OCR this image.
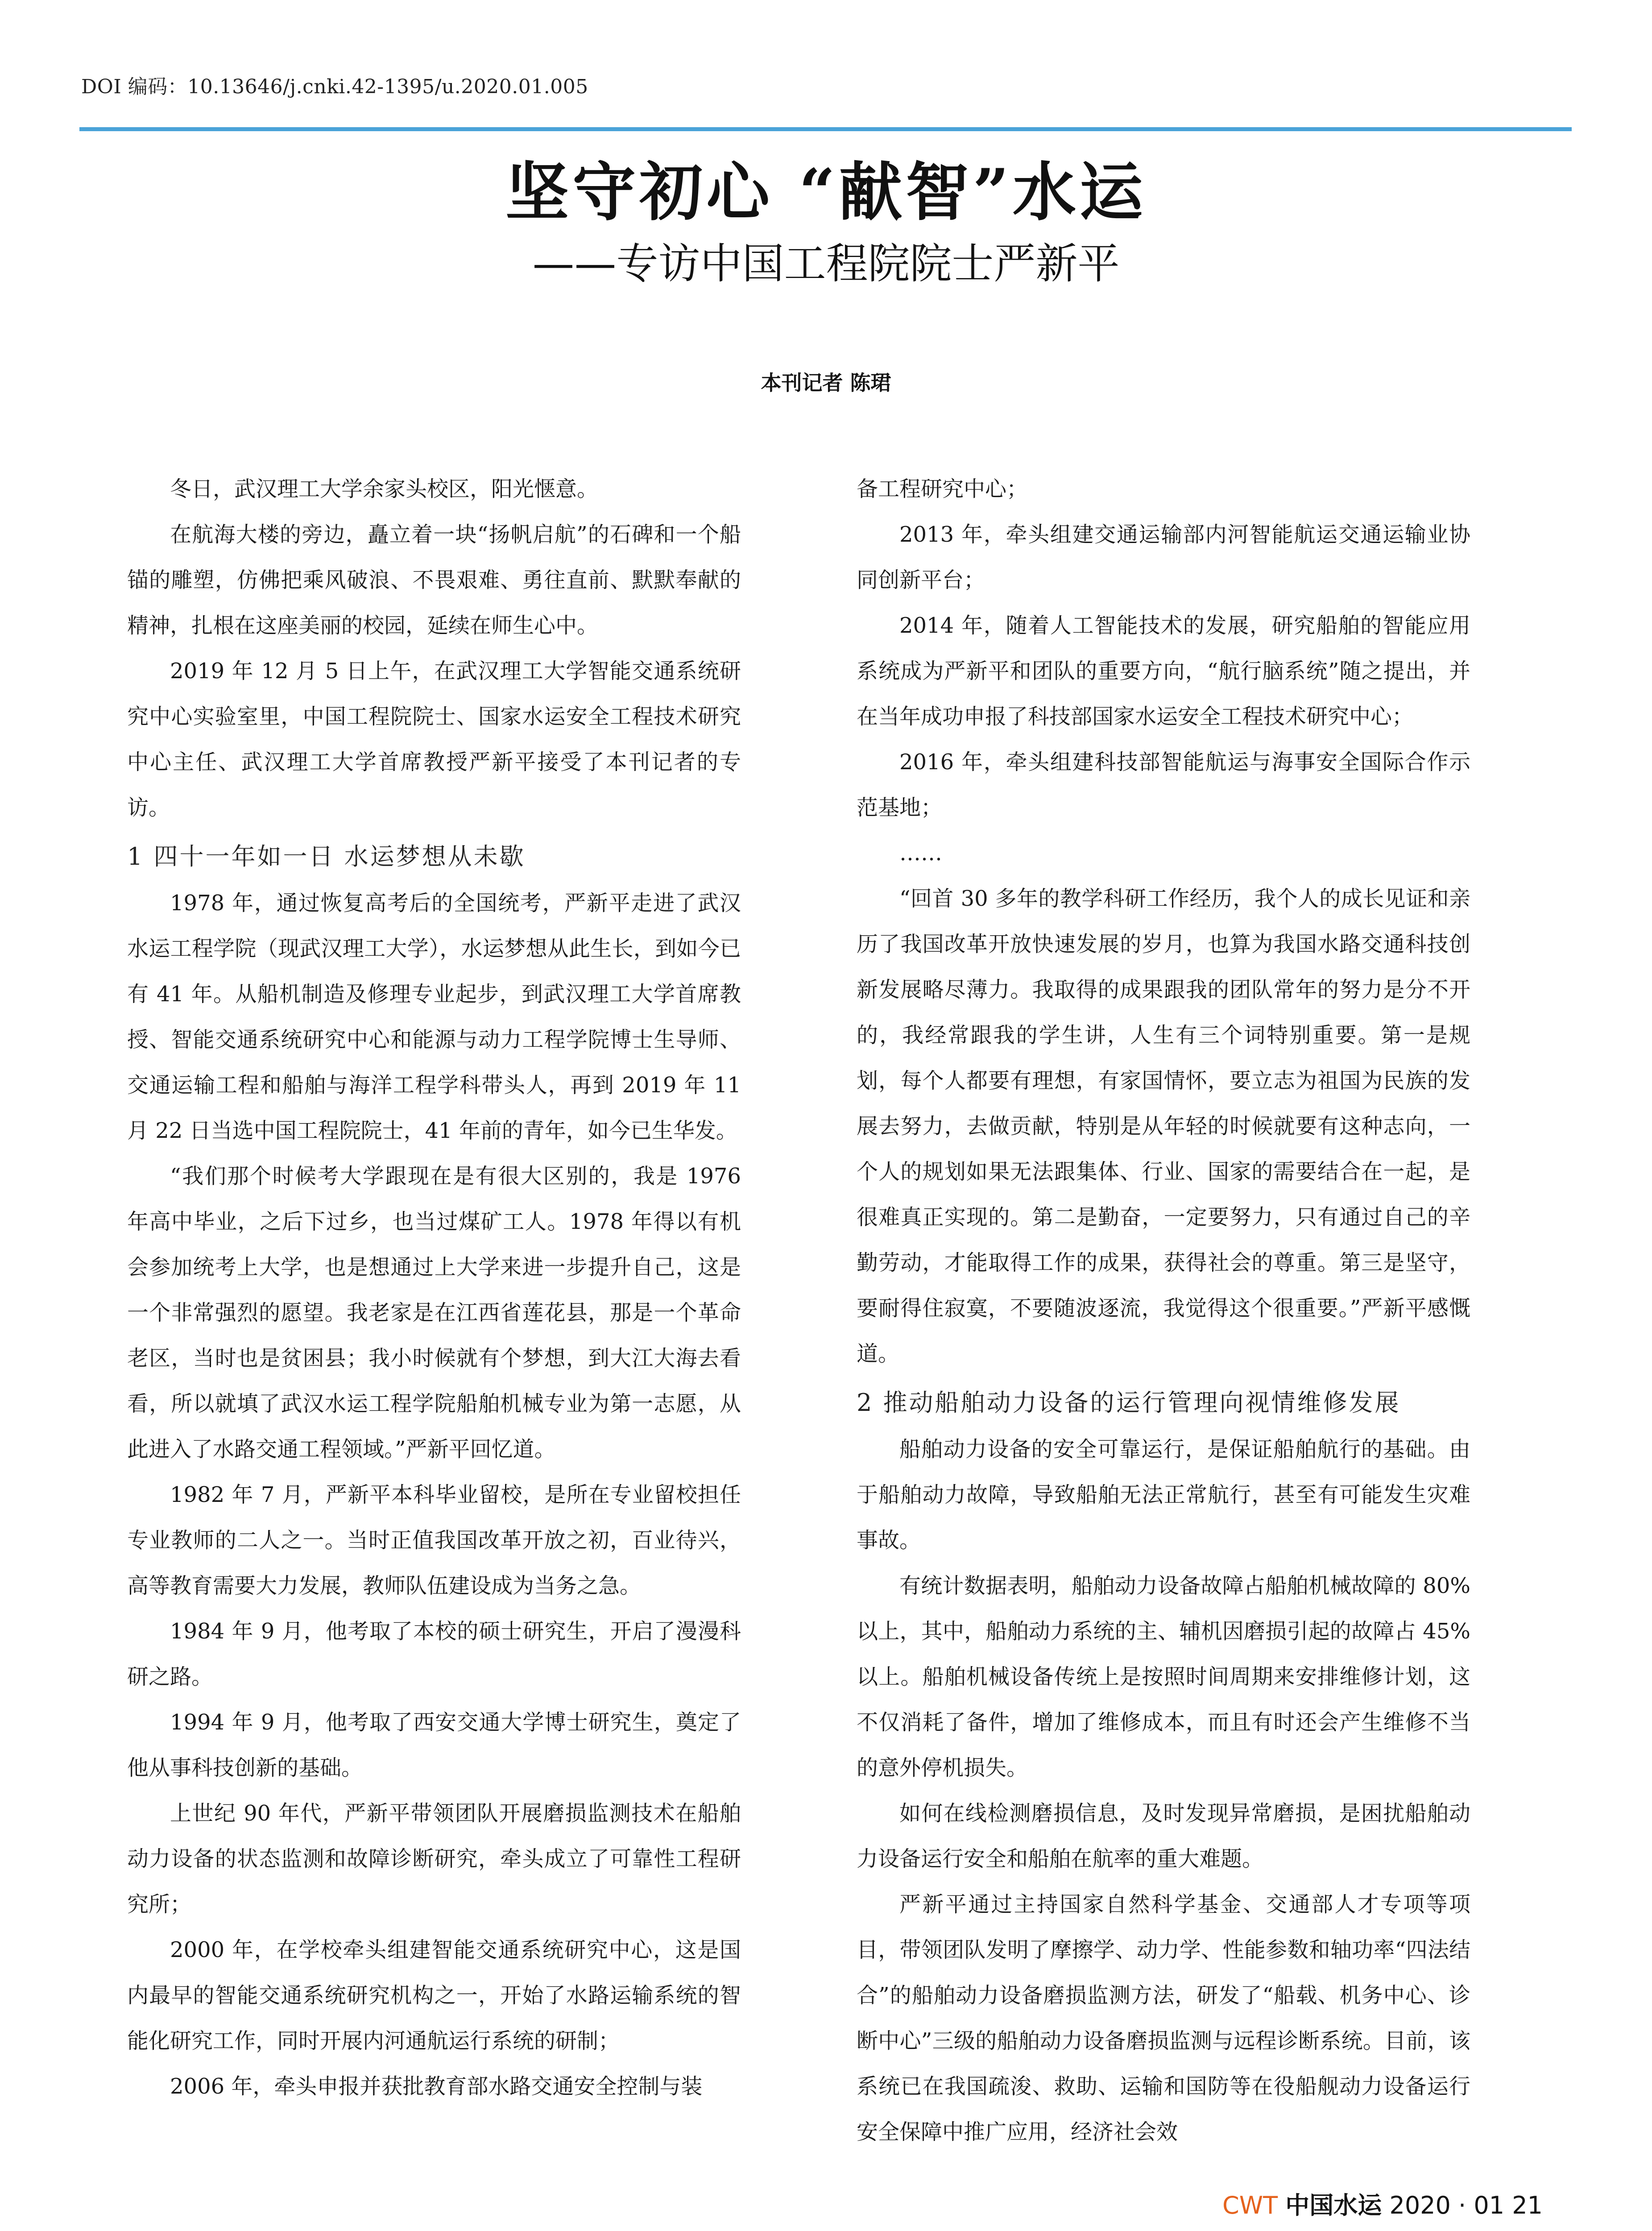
DOI 编码：10.13646/j.cnki.42-1395/u.2020.01.005
坚守初心 “献智”水运
——专访中国工程院院士严新平
本刊记者 陈珺

冬日，武汉理工大学余家头校区，阳光惬意。

在航海大楼的旁边，矗立着一块“扬帆启航”的石碑和一个船锚的雕塑，仿佛把乘风破浪、不畏艰难、勇往直前、默默奉献的精神，扎根在这座美丽的校园，延续在师生心中。

2019 年 12 月 5 日上午，在武汉理工大学智能交通系统研究中心实验室里，中国工程院院士、国家水运安全工程技术研究中心主任、武汉理工大学首席教授严新平接受了本刊记者的专访。

1 四十一年如一日 水运梦想从未歇

1978 年，通过恢复高考后的全国统考，严新平走进了武汉水运工程学院（现武汉理工大学），水运梦想从此生长，到如今已有 41 年。从船机制造及修理专业起步，到武汉理工大学首席教授、智能交通系统研究中心和能源与动力工程学院博士生导师、交通运输工程和船舶与海洋工程学科带头人，再到 2019 年 11 月 22 日当选中国工程院院士，41 年前的青年，如今已生华发。

“我们那个时候考大学跟现在是有很大区别的，我是 1976 年高中毕业，之后下过乡，也当过煤矿工人。1978 年得以有机会参加统考上大学，也是想通过上大学来进一步提升自己，这是一个非常强烈的愿望。我老家是在江西省莲花县，那是一个革命老区，当时也是贫困县；我小时候就有个梦想，到大江大海去看看，所以就填了武汉水运工程学院船舶机械专业为第一志愿，从此进入了水路交通工程领域。”严新平回忆道。

1982 年 7 月，严新平本科毕业留校，是所在专业留校担任专业教师的二人之一。当时正值我国改革开放之初，百业待兴，高等教育需要大力发展，教师队伍建设成为当务之急。

1984 年 9 月，他考取了本校的硕士研究生，开启了漫漫科研之路。

1994 年 9 月，他考取了西安交通大学博士研究生，奠定了他从事科技创新的基础。

上世纪 90 年代，严新平带领团队开展磨损监测技术在船舶动力设备的状态监测和故障诊断研究，牵头成立了可靠性工程研究所；

2000 年，在学校牵头组建智能交通系统研究中心，这是国内最早的智能交通系统研究机构之一，开始了水路运输系统的智能化研究工作，同时开展内河通航运行系统的研制；

2006 年，牵头申报并获批教育部水路交通安全控制与装

备工程研究中心；

2013 年，牵头组建交通运输部内河智能航运交通运输业协同创新平台；

2014 年，随着人工智能技术的发展，研究船舶的智能应用系统成为严新平和团队的重要方向，“航行脑系统”随之提出，并在当年成功申报了科技部国家水运安全工程技术研究中心；

2016 年，牵头组建科技部智能航运与海事安全国际合作示范基地；

……

“回首 30 多年的教学科研工作经历，我个人的成长见证和亲历了我国改革开放快速发展的岁月，也算为我国水路交通科技创新发展略尽薄力。我取得的成果跟我的团队常年的努力是分不开的，我经常跟我的学生讲，人生有三个词特别重要。第一是规划，每个人都要有理想，有家国情怀，要立志为祖国为民族的发展去努力，去做贡献，特别是从年轻的时候就要有这种志向，一个人的规划如果无法跟集体、行业、国家的需要结合在一起，是很难真正实现的。第二是勤奋，一定要努力，只有通过自己的辛勤劳动，才能取得工作的成果，获得社会的尊重。第三是坚守，要耐得住寂寞，不要随波逐流，我觉得这个很重要。”严新平感慨道。

2 推动船舶动力设备的运行管理向视情维修发展

船舶动力设备的安全可靠运行，是保证船舶航行的基础。由于船舶动力故障，导致船舶无法正常航行，甚至有可能发生灾难事故。

有统计数据表明，船舶动力设备故障占船舶机械故障的 80% 以上，其中，船舶动力系统的主、辅机因磨损引起的故障占 45% 以上。船舶机械设备传统上是按照时间周期来安排维修计划，这不仅消耗了备件，增加了维修成本，而且有时还会产生维修不当的意外停机损失。

如何在线检测磨损信息，及时发现异常磨损，是困扰船舶动力设备运行安全和船舶在航率的重大难题。

严新平通过主持国家自然科学基金、交通部人才专项等项目，带领团队发明了摩擦学、动力学、性能参数和轴功率“四法结合”的船舶动力设备磨损监测方法，研发了“船载、机务中心、诊断中心”三级的船舶动力设备磨损监测与远程诊断系统。目前，该系统已在我国疏浚、救助、运输和国防等在役船舰动力设备运行安全保障中推广应用，经济社会效

CWT 中国水运 2020 · 01 21
